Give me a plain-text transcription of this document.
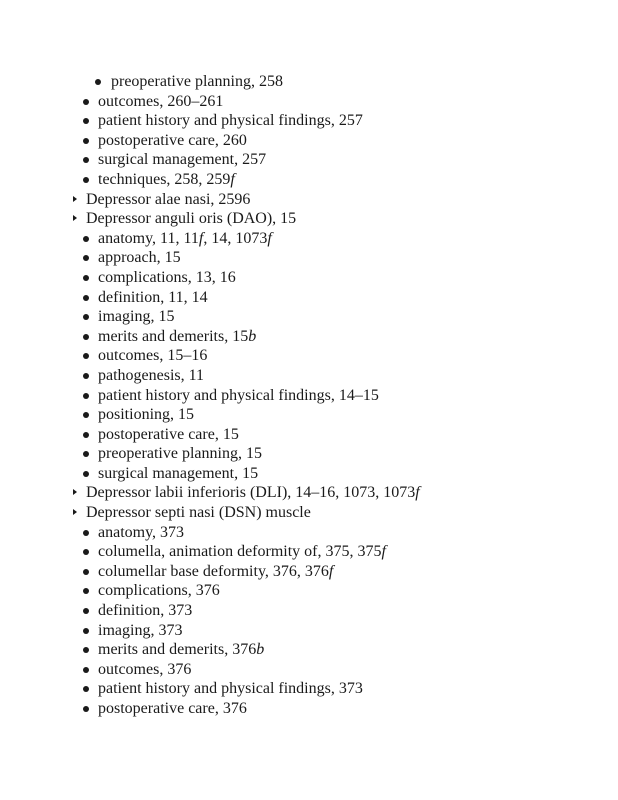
preoperative planning, 258
outcomes, 260–261
patient history and physical findings, 257
postoperative care, 260
surgical management, 257
techniques, 258, 259f
Depressor alae nasi, 2596
Depressor anguli oris (DAO), 15
anatomy, 11, 11f, 14, 1073f
approach, 15
complications, 13, 16
definition, 11, 14
imaging, 15
merits and demerits, 15b
outcomes, 15–16
pathogenesis, 11
patient history and physical findings, 14–15
positioning, 15
postoperative care, 15
preoperative planning, 15
surgical management, 15
Depressor labii inferioris (DLI), 14–16, 1073, 1073f
Depressor septi nasi (DSN) muscle
anatomy, 373
columella, animation deformity of, 375, 375f
columellar base deformity, 376, 376f
complications, 376
definition, 373
imaging, 373
merits and demerits, 376b
outcomes, 376
patient history and physical findings, 373
postoperative care, 376
